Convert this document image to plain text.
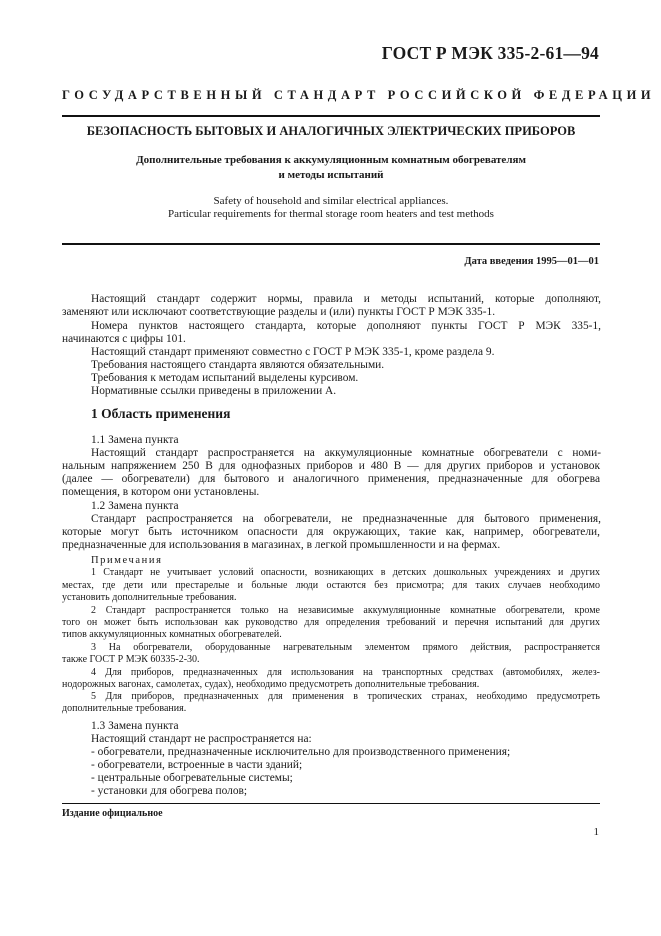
ГОСТ Р МЭК 335-2-61—94
ГОСУДАРСТВЕННЫЙ СТАНДАРТ РОССИЙСКОЙ ФЕДЕРАЦИИ
БЕЗОПАСНОСТЬ БЫТОВЫХ И АНАЛОГИЧНЫХ ЭЛЕКТРИЧЕСКИХ ПРИБОРОВ
Дополнительные требования к аккумуляционным комнатным обогревателям
и методы испытаний
Safety of household and similar electrical appliances.
Particular requirements for thermal storage room heaters and test methods
Дата введения 1995—01—01
Настоящий стандарт содержит нормы, правила и методы испытаний, которые дополняют,
заменяют или исключают соответствующие разделы и (или) пункты ГОСТ Р МЭК 335-1.
Номера пунктов настоящего стандарта, которые дополняют пункты ГОСТ Р МЭК 335-1,
начинаются с цифры 101.
Настоящий стандарт применяют совместно с ГОСТ Р МЭК 335-1, кроме раздела 9.
Требования настоящего стандарта являются обязательными.
Требования к методам испытаний выделены курсивом.
Нормативные ссылки приведены в приложении А.
1 Область применения
1.1 Замена пункта
Настоящий стандарт распространяется на аккумуляционные комнатные обогреватели с номи-
нальным напряжением 250 В для однофазных приборов и 480 В — для других приборов и установок
(далее — обогреватели) для бытового и аналогичного применения, предназначенные для обогрева
помещения, в котором они установлены.
1.2 Замена пункта
Стандарт распространяется на обогреватели, не предназначенные для бытового применения,
которые могут быть источником опасности для окружающих, такие как, например, обогреватели,
предназначенные для использования в магазинах, в легкой промышленности и на фермах.
Примечания
1 Стандарт не учитывает условий опасности, возникающих в детских дошкольных учреждениях и других
местах, где дети или престарелые и больные люди остаются без присмотра; для таких случаев необходимо
установить дополнительные требования.
2 Стандарт распространяется только на независимые аккумуляционные комнатные обогреватели, кроме
того он может быть использован как руководство для определения требований и перечня испытаний для других
типов аккумуляционных комнатных обогревателей.
3 На обогреватели, оборудованные нагревательным элементом прямого действия, распространяется
также ГОСТ Р МЭК 60335-2-30.
4 Для приборов, предназначенных для использования на транспортных средствах (автомобилях, желез-
нодорожных вагонах, самолетах, судах), необходимо предусмотреть дополнительные требования.
5 Для приборов, предназначенных для применения в тропических странах, необходимо предусмотреть
дополнительные требования.
1.3 Замена пункта
Настоящий стандарт не распространяется на:
- обогреватели, предназначенные исключительно для производственного применения;
- обогреватели, встроенные в части зданий;
- центральные обогревательные системы;
- установки для обогрева полов;
Издание официальное
1
